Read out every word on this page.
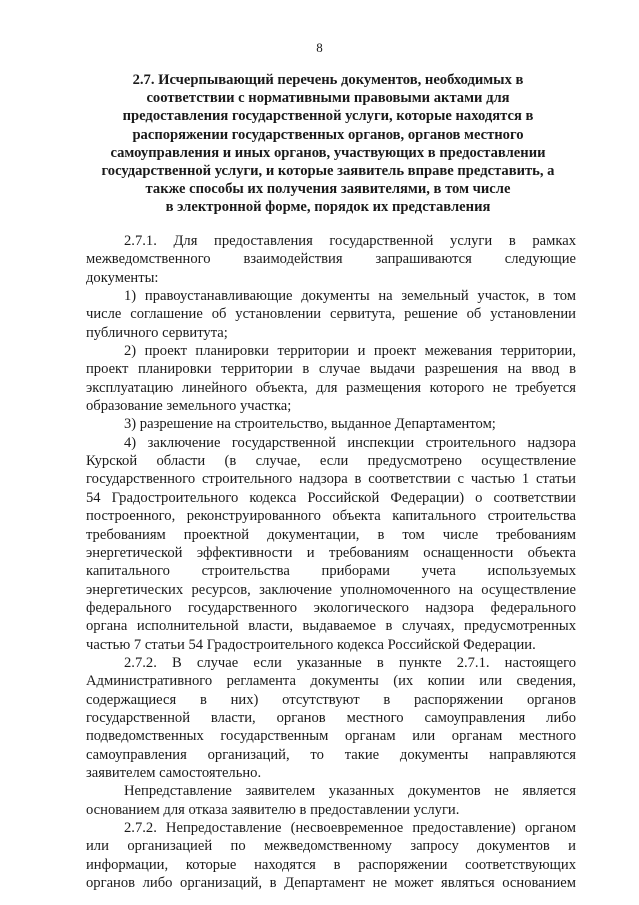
8
2.7. Исчерпывающий перечень документов, необходимых в
соответствии с нормативными правовыми актами для
предоставления государственной услуги, которые находятся в
распоряжении государственных органов, органов местного
самоуправления и иных органов, участвующих в предоставлении
государственной услуги, и которые заявитель вправе представить, а
также способы их получения заявителями, в том числе
в электронной форме, порядок их представления
2.7.1. Для предоставления государственной услуги в рамках
межведомственного взаимодействия запрашиваются следующие
документы:
1) правоустанавливающие документы на земельный участок, в том
числе соглашение об установлении сервитута, решение об установлении
публичного сервитута;
2) проект планировки территории и проект межевания территории,
проект планировки территории в случае выдачи разрешения на ввод в
эксплуатацию линейного объекта, для размещения которого не требуется
образование земельного участка;
3) разрешение на строительство, выданное Департаментом;
4) заключение государственной инспекции строительного надзора
Курской области (в случае, если предусмотрено осуществление
государственного строительного надзора в соответствии с частью 1 статьи
54 Градостроительного кодекса Российской Федерации) о соответствии
построенного, реконструированного объекта капитального строительства
требованиям проектной документации, в том числе требованиям
энергетической эффективности и требованиям оснащенности объекта
капитального строительства приборами учета используемых
энергетических ресурсов, заключение уполномоченного на осуществление
федерального государственного экологического надзора федерального
органа исполнительной власти, выдаваемое в случаях, предусмотренных
частью 7 статьи 54 Градостроительного кодекса Российской Федерации.
2.7.2. В случае если указанные в пункте 2.7.1. настоящего
Административного регламента документы (их копии или сведения,
содержащиеся в них) отсутствуют в распоряжении органов
государственной власти, органов местного самоуправления либо
подведомственных государственным органам или органам местного
самоуправления организаций, то такие документы направляются
заявителем самостоятельно.
Непредставление заявителем указанных документов не является
основанием для отказа заявителю в предоставлении услуги.
2.7.2. Непредоставление (несвоевременное предоставление) органом
или организацией по межведомственному запросу документов и
информации, которые находятся в распоряжении соответствующих
органов либо организаций, в Департамент не может являться основанием
